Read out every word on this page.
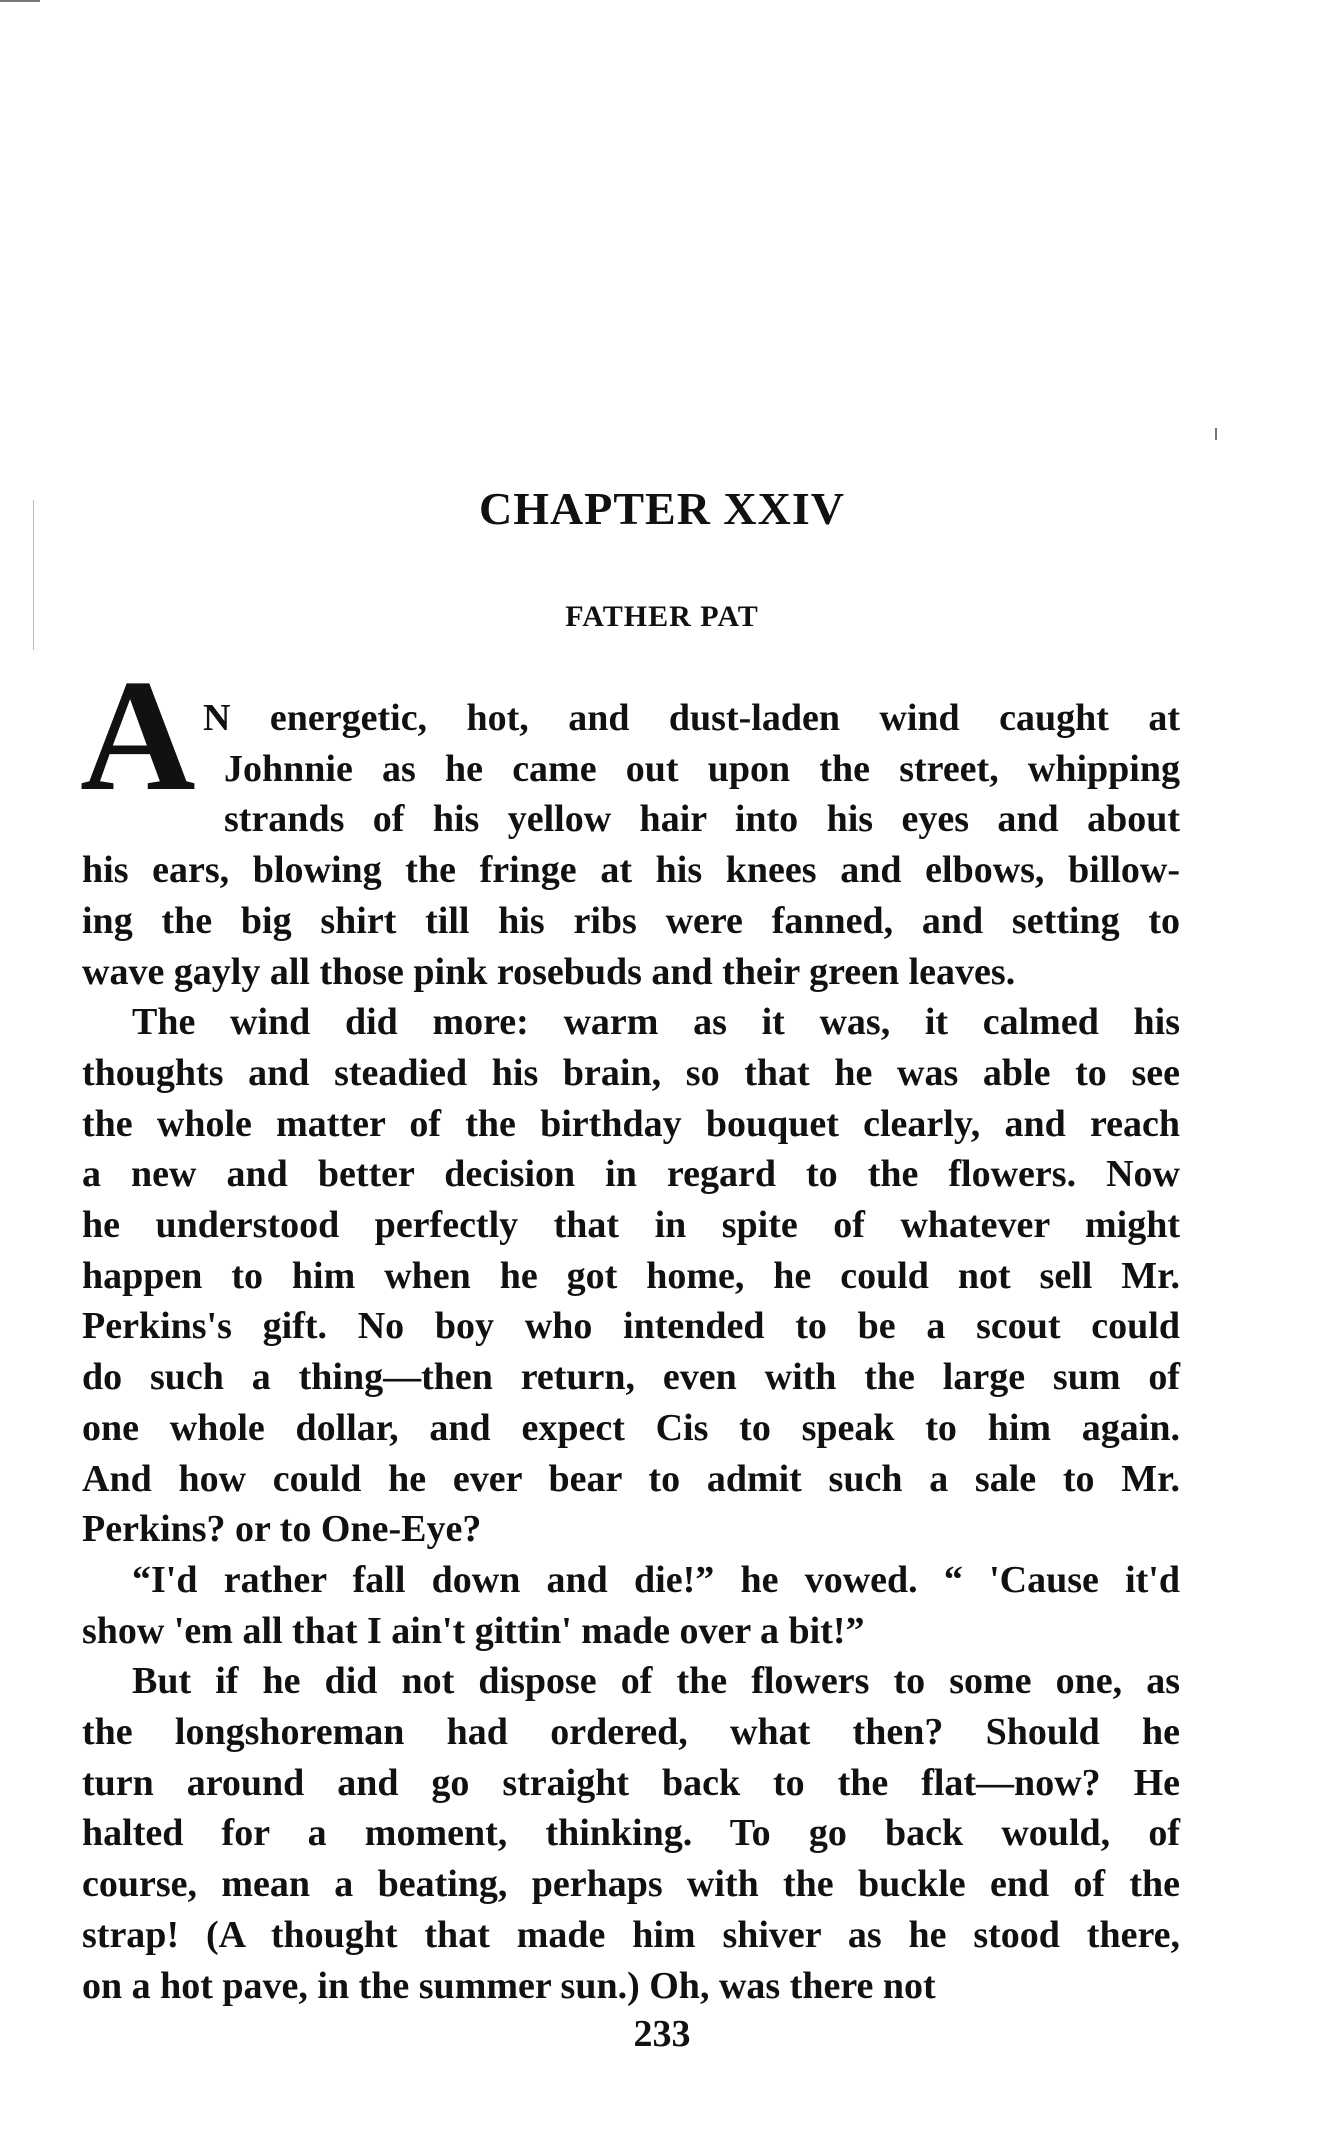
CHAPTER XXIV
FATHER PAT
A N energetic, hot, and dust-laden wind caught at
Johnnie as he came out upon the street, whipping
strands of his yellow hair into his eyes and about
his ears, blowing the fringe at his knees and elbows, billow-
ing the big shirt till his ribs were fanned, and setting to
wave gayly all those pink rosebuds and their green leaves.
The wind did more: warm as it was, it calmed his
thoughts and steadied his brain, so that he was able to see
the whole matter of the birthday bouquet clearly, and reach
a new and better decision in regard to the flowers. Now
he understood perfectly that in spite of whatever might
happen to him when he got home, he could not sell Mr.
Perkins's gift. No boy who intended to be a scout could
do such a thing—then return, even with the large sum of
one whole dollar, and expect Cis to speak to him again.
And how could he ever bear to admit such a sale to Mr.
Perkins? or to One-Eye?
“I'd rather fall down and die!” he vowed. “ 'Cause it'd
show 'em all that I ain't gittin' made over a bit!”
But if he did not dispose of the flowers to some one, as
the longshoreman had ordered, what then? Should he
turn around and go straight back to the flat—now? He
halted for a moment, thinking. To go back would, of
course, mean a beating, perhaps with the buckle end of the
strap! (A thought that made him shiver as he stood there,
on a hot pave, in the summer sun.) Oh, was there not
233
